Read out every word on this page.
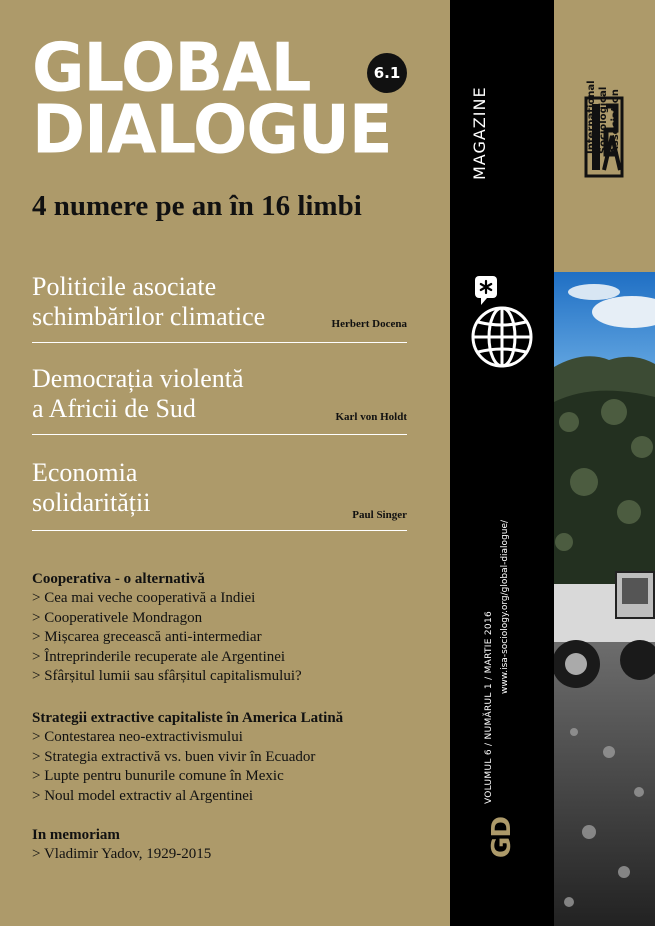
GLOBAL
DIALOGUE
6.1
4 numere pe an în 16 limbi
Politicile asociate
schimbărilor climatice	Herbert Docena
Democrația violentă
a Africii de Sud	Karl von Holdt
Economia
solidarității	Paul Singer
Cooperativa - o alternativă
> Cea mai veche cooperativă a Indiei
> Cooperativele Mondragon
> Mișcarea grecească anti-intermediar
> Întreprinderile recuperate ale Argentinei
> Sfârșitul lumii sau sfârșitul capitalismului?
Strategii extractive capitaliste în America Latină
> Contestarea neo-extractivismului
> Strategia extractivă vs. buen vivir în Ecuador
> Lupte pentru bunurile comune în Mexic
> Noul model extractiv al Argentinei
In memoriam
> Vladimir Yadov, 1929-2015
MAGAZINE
VOLUMUL 6 / NUMĂRUL 1 / MARTIE 2016
www.isa-sociology.org/global-dialogue/
GD
International Sociological Association
